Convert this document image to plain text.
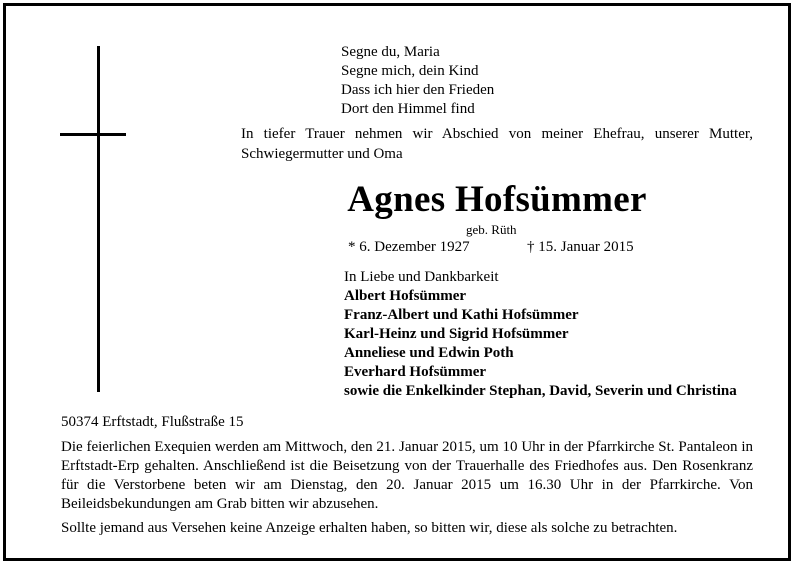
Segne du, Maria
Segne mich, dein Kind
Dass ich hier den Frieden
Dort den Himmel find
In tiefer Trauer nehmen wir Abschied von meiner Ehefrau, unserer Mutter, Schwiegermutter und Oma
Agnes Hofsümmer
geb. Rüth
* 6. Dezember 1927	† 15. Januar 2015
In Liebe und Dankbarkeit
Albert Hofsümmer
Franz-Albert und Kathi Hofsümmer
Karl-Heinz und Sigrid Hofsümmer
Anneliese und Edwin Poth
Everhard Hofsümmer
sowie die Enkelkinder Stephan, David, Severin und Christina
50374 Erftstadt, Flußstraße 15
Die feierlichen Exequien werden am Mittwoch, den 21. Januar 2015, um 10 Uhr in der Pfarrkirche St. Pantaleon in Erftstadt-Erp gehalten. Anschließend ist die Beisetzung von der Trauerhalle des Friedhofes aus. Den Rosenkranz für die Verstorbene beten wir am Dienstag, den 20. Januar 2015 um 16.30 Uhr in der Pfarrkirche. Von Beileidsbekundungen am Grab bitten wir abzusehen.
Sollte jemand aus Versehen keine Anzeige erhalten haben, so bitten wir, diese als solche zu betrachten.
